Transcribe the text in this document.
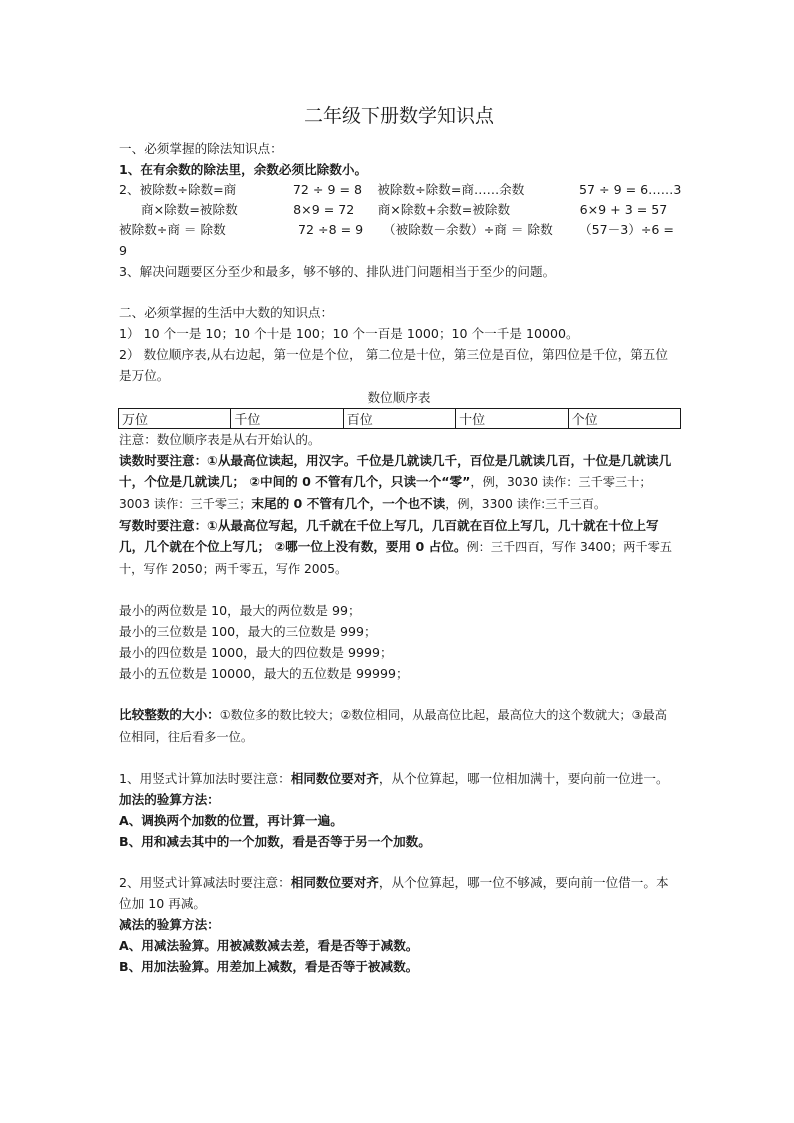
二年级下册数学知识点
一、必须掌握的除法知识点：
1、在有余数的除法里，余数必须比除数小。
2、被除数÷除数=商	72 ÷ 9 = 8	被除数÷除数=商……余数	57 ÷ 9 = 6……3
商×除数=被除数	8×9 = 72	商×除数+余数=被除数	6×9 + 3 = 57
被除数÷商 ＝ 除数	72 ÷8 = 9	（被除数－余数）÷商 ＝ 除数	（57－3）÷6 =
9
3、解决问题要区分至少和最多，够不够的、排队进门问题相当于至少的问题。
二、必须掌握的生活中大数的知识点：
1） 10 个一是 10；10 个十是 100；10 个一百是 1000；10 个一千是 10000。
2） 数位顺序表,从右边起，第一位是个位， 第二位是十位，第三位是百位，第四位是千位，第五位是万位。
数位顺序表
万位	千位	百位	十位	个位
注意：数位顺序表是从右开始认的。
读数时要注意：①从最高位读起，用汉字。千位是几就读几千，百位是几就读几百，十位是几就读几十，个位是几就读几； ②中间的 0 不管有几个，只读一个“零”，例，3030 读作：三千零三十；3003 读作：三千零三；末尾的 0 不管有几个，一个也不读，例，3300 读作:三千三百。
写数时要注意：①从最高位写起，几千就在千位上写几，几百就在百位上写几，几十就在十位上写几，几个就在个位上写几； ②哪一位上没有数，要用 0 占位。例：三千四百，写作 3400；两千零五十，写作 2050；两千零五，写作 2005。
最小的两位数是 10，最大的两位数是 99；
最小的三位数是 100，最大的三位数是 999；
最小的四位数是 1000，最大的四位数是 9999；
最小的五位数是 10000，最大的五位数是 99999；
比较整数的大小：①数位多的数比较大；②数位相同，从最高位比起，最高位大的这个数就大；③最高位相同，往后看多一位。
1、用竖式计算加法时要注意：相同数位要对齐，从个位算起，哪一位相加满十，要向前一位进一。
加法的验算方法：
A、调换两个加数的位置，再计算一遍。
B、用和减去其中的一个加数，看是否等于另一个加数。
2、用竖式计算减法时要注意：相同数位要对齐，从个位算起，哪一位不够减，要向前一位借一。本位加 10 再减。
减法的验算方法：
A、用减法验算。用被减数减去差，看是否等于减数。
B、用加法验算。用差加上减数，看是否等于被减数。
